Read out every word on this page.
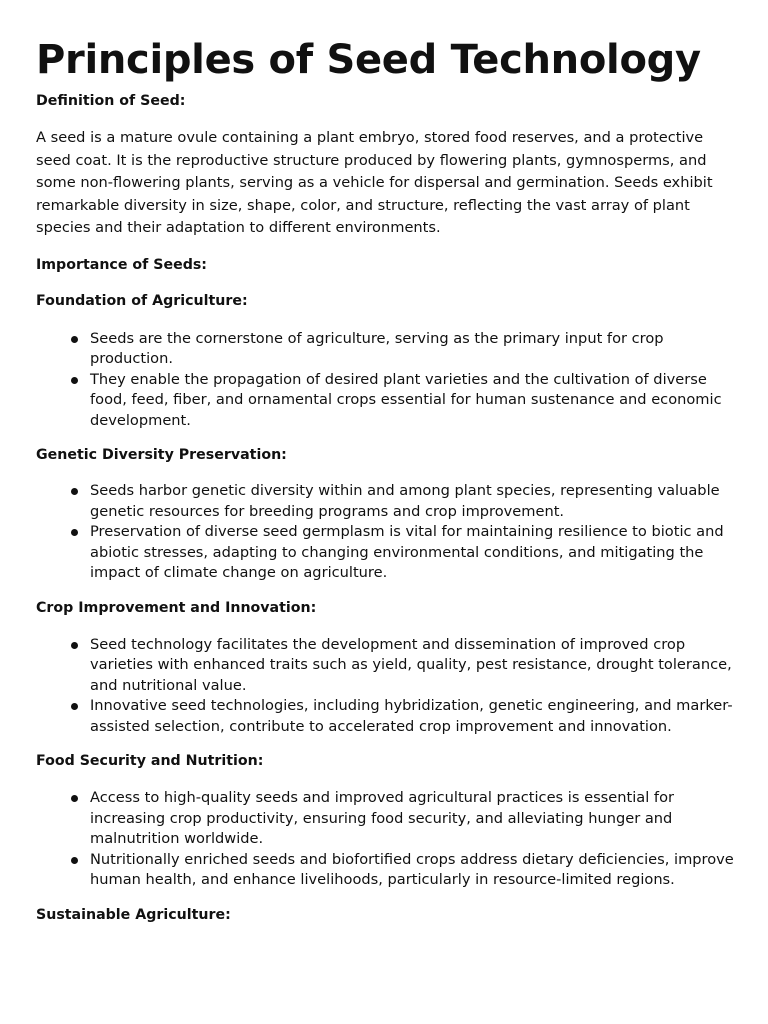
Principles of Seed Technology

Definition of Seed:

A seed is a mature ovule containing a plant embryo, stored food reserves, and a protective seed coat. It is the reproductive structure produced by flowering plants, gymnosperms, and some non-flowering plants, serving as a vehicle for dispersal and germination. Seeds exhibit remarkable diversity in size, shape, color, and structure, reflecting the vast array of plant species and their adaptation to different environments.

Importance of Seeds:

Foundation of Agriculture:

Seeds are the cornerstone of agriculture, serving as the primary input for crop production.
They enable the propagation of desired plant varieties and the cultivation of diverse food, feed, fiber, and ornamental crops essential for human sustenance and economic development.

Genetic Diversity Preservation:

Seeds harbor genetic diversity within and among plant species, representing valuable genetic resources for breeding programs and crop improvement.
Preservation of diverse seed germplasm is vital for maintaining resilience to biotic and abiotic stresses, adapting to changing environmental conditions, and mitigating the impact of climate change on agriculture.

Crop Improvement and Innovation:

Seed technology facilitates the development and dissemination of improved crop varieties with enhanced traits such as yield, quality, pest resistance, drought tolerance, and nutritional value.
Innovative seed technologies, including hybridization, genetic engineering, and marker-assisted selection, contribute to accelerated crop improvement and innovation.

Food Security and Nutrition:

Access to high-quality seeds and improved agricultural practices is essential for increasing crop productivity, ensuring food security, and alleviating hunger and malnutrition worldwide.
Nutritionally enriched seeds and biofortified crops address dietary deficiencies, improve human health, and enhance livelihoods, particularly in resource-limited regions.

Sustainable Agriculture:
